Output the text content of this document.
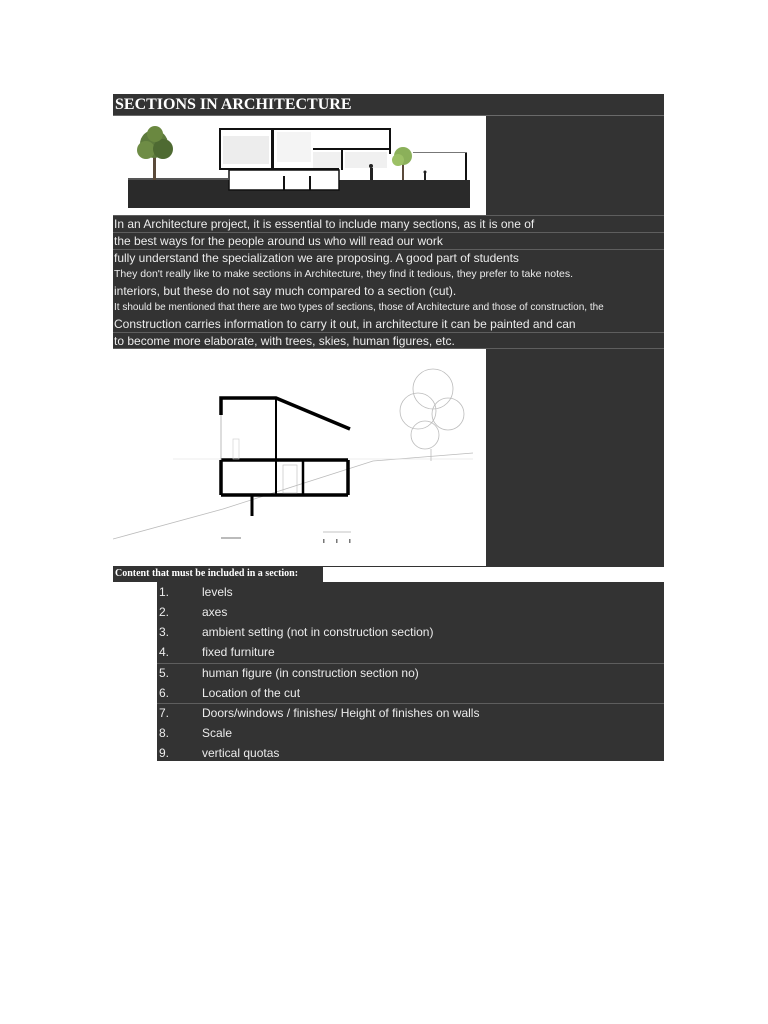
SECTIONS IN ARCHITECTURE
In an Architecture project, it is essential to include many sections, as it is one of
the best ways for the people around us who will read our work
fully understand the specialization we are proposing. A good part of students
They don't really like to make sections in Architecture, they find it tedious, they prefer to take notes.
interiors, but these do not say much compared to a section (cut).
It should be mentioned that there are two types of sections, those of Architecture and those of construction, the
Construction carries information to carry it out, in architecture it can be painted and can
to become more elaborate, with trees, skies, human figures, etc.
Content that must be included in a section:
1.	levels
2.	axes
3.	ambient setting (not in construction section)
4.	fixed furniture
5.	human figure (in construction section no)
6.	Location of the cut
7.	Doors/windows / finishes/ Height of finishes on walls
8.	Scale
9.	vertical quotas
